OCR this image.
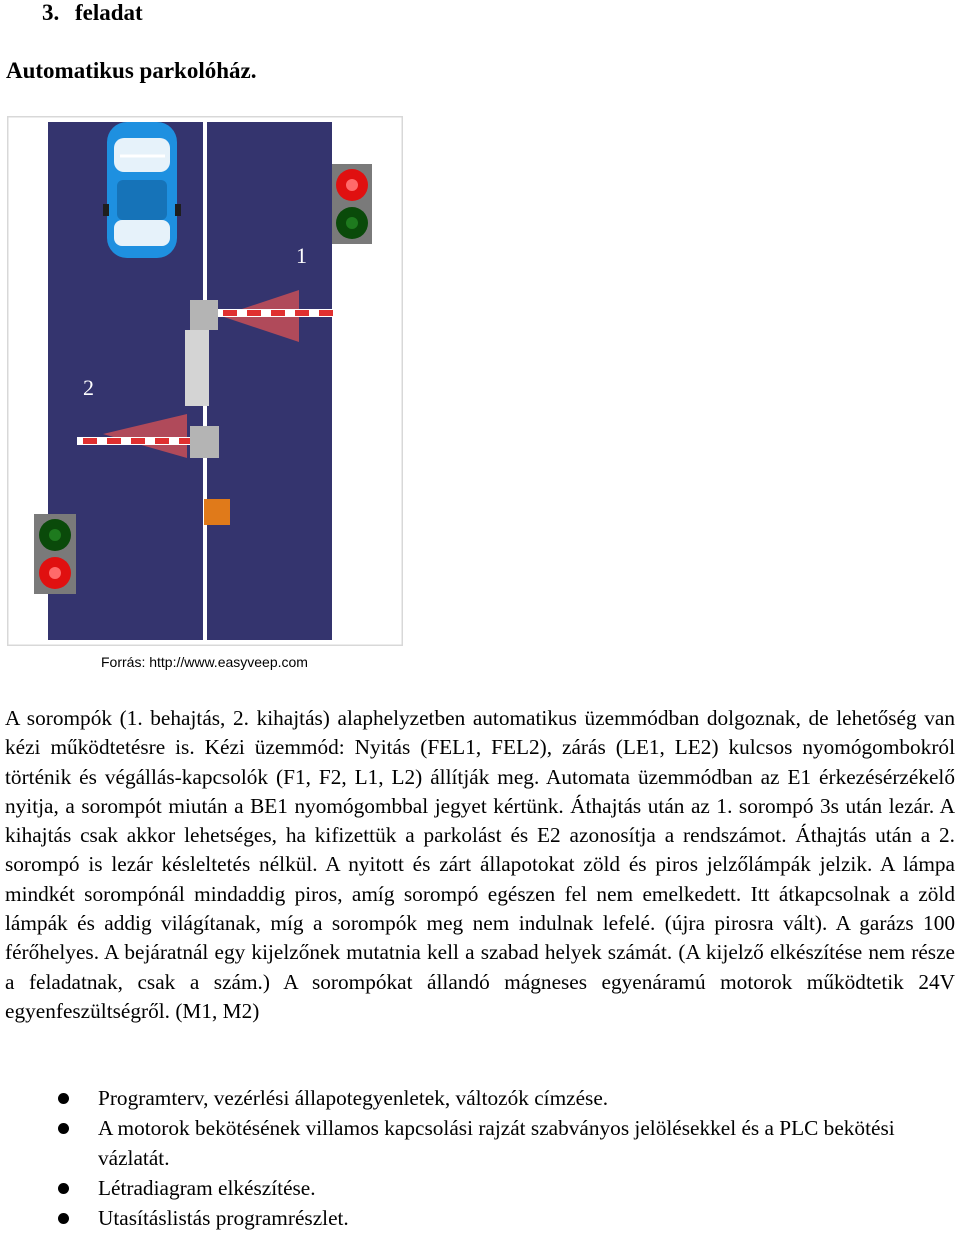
3. feladat
Automatikus parkolóház.
1
2
Forrás: http://www.easyveep.com

A sorompók (1. behajtás, 2. kihajtás) alaphelyzetben automatikus üzemmódban dolgoznak, de lehetőség van kézi működtetésre is. Kézi üzemmód: Nyitás (FEL1, FEL2), zárás (LE1, LE2) kulcsos nyomógombokról történik és végállás-kapcsolók (F1, F2, L1, L2) állítják meg. Automata üzemmódban az E1 érkezésérzékelő nyitja, a sorompót miután a BE1 nyomógombbal jegyet kértünk. Áthajtás után az 1. sorompó 3s után lezár. A kihajtás csak akkor lehetséges, ha kifizettük a parkolást és E2 azonosítja a rendszámot. Áthajtás után a 2. sorompó is lezár késleltetés nélkül. A nyitott és zárt állapotokat zöld és piros jelzőlámpák jelzik. A lámpa mindkét sorompónál mindaddig piros, amíg sorompó egészen fel nem emelkedett. Itt átkapcsolnak a zöld lámpák és addig világítanak, míg a sorompók meg nem indulnak lefelé. (újra pirosra vált). A garázs 100 férőhelyes. A bejáratnál egy kijelzőnek mutatnia kell a szabad helyek számát. (A kijelző elkészítése nem része a feladatnak, csak a szám.) A sorompókat állandó mágneses egyenáramú motorok működtetik 24V egyenfeszültségről. (M1, M2)

Programterv, vezérlési állapotegyenletek, változók címzése.
A motorok bekötésének villamos kapcsolási rajzát szabványos jelölésekkel és a PLC bekötési vázlatát.
Létradiagram elkészítése.
Utasításlistás programrészlet.
